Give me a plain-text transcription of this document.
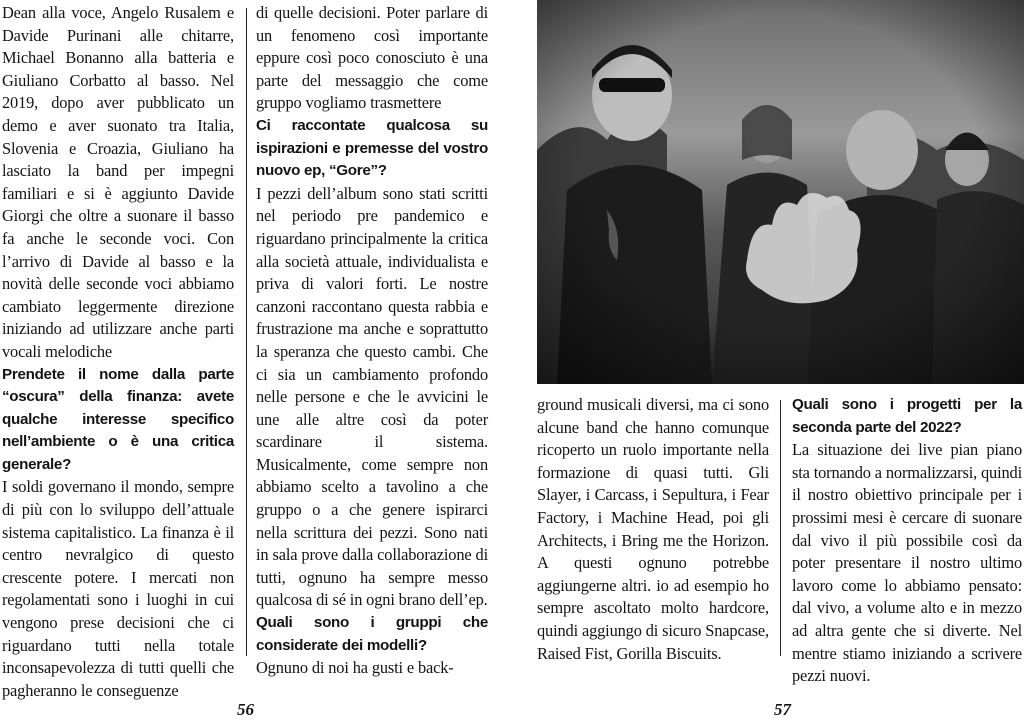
Dean alla voce, Angelo Rusalem e Davide Purinani alle chitarre, Michael Bonanno alla batteria e Giuliano Corbatto al basso. Nel 2019, dopo aver pubblicato un demo e aver suonato tra Italia, Slovenia e Croazia, Giuliano ha lasciato la band per impegni familiari e si è aggiunto Davide Giorgi che oltre a suonare il basso fa anche le seconde voci. Con l’arrivo di Davide al basso e la novità delle seconde voci abbiamo cambiato leggermente direzione iniziando ad utilizzare anche parti vocali melodiche

Prendete il nome dalla parte “oscura” della finanza: avete qualche interesse specifico nell’ambiente o è una critica generale?

I soldi governano il mondo, sempre di più con lo sviluppo dell’attuale sistema capitalistico. La finanza è il centro nevralgico di questo crescente potere. I mercati non regolamentati sono i luoghi in cui vengono prese decisioni che ci riguardano tutti nella totale inconsapevolezza di tutti quelli che pagheranno le conseguenze

di quelle decisioni. Poter parlare di un fenomeno così importante eppure così poco conosciuto è una parte del messaggio che come gruppo vogliamo trasmettere

Ci raccontate qualcosa su ispirazioni e premesse del vostro nuovo ep, “Gore”?

I pezzi dell’album sono stati scritti nel periodo pre pandemico e riguardano principalmente la critica alla società attuale, individualista e priva di valori forti. Le nostre canzoni raccontano questa rabbia e frustrazione ma anche e soprattutto la speranza che questo cambi. Che ci sia un cambiamento profondo nelle persone e che le avvicini le une alle altre così da poter scardinare il sistema. Musicalmente, come sempre non abbiamo scelto a tavolino a che gruppo o a che genere ispirarci nella scrittura dei pezzi. Sono nati in sala prove dalla collaborazione di tutti, ognuno ha sempre messo qualcosa di sé in ogni brano dell’ep.

Quali sono i gruppi che considerate dei modelli?

Ognuno di noi ha gusti e back-

56

ground musicali diversi, ma ci sono alcune band che hanno comunque ricoperto un ruolo importante nella formazione di quasi tutti. Gli Slayer, i Carcass, i Sepultura, i Fear Factory, i Machine Head, poi gli Architects, i Bring me the Horizon. A questi ognuno potrebbe aggiungerne altri. io ad esempio ho sempre ascoltato molto hardcore, quindi aggiungo di sicuro Snapcase, Raised Fist, Gorilla Biscuits.

Quali sono i progetti per la seconda parte del 2022?

La situazione dei live pian piano sta tornando a normalizzarsi, quindi il nostro obiettivo principale per i prossimi mesi è cercare di suonare dal vivo il più possibile così da poter presentare il nostro ultimo lavoro come lo abbiamo pensato: dal vivo, a volume alto e in mezzo ad altra gente che si diverte. Nel mentre stiamo iniziando a scrivere pezzi nuovi.

57
